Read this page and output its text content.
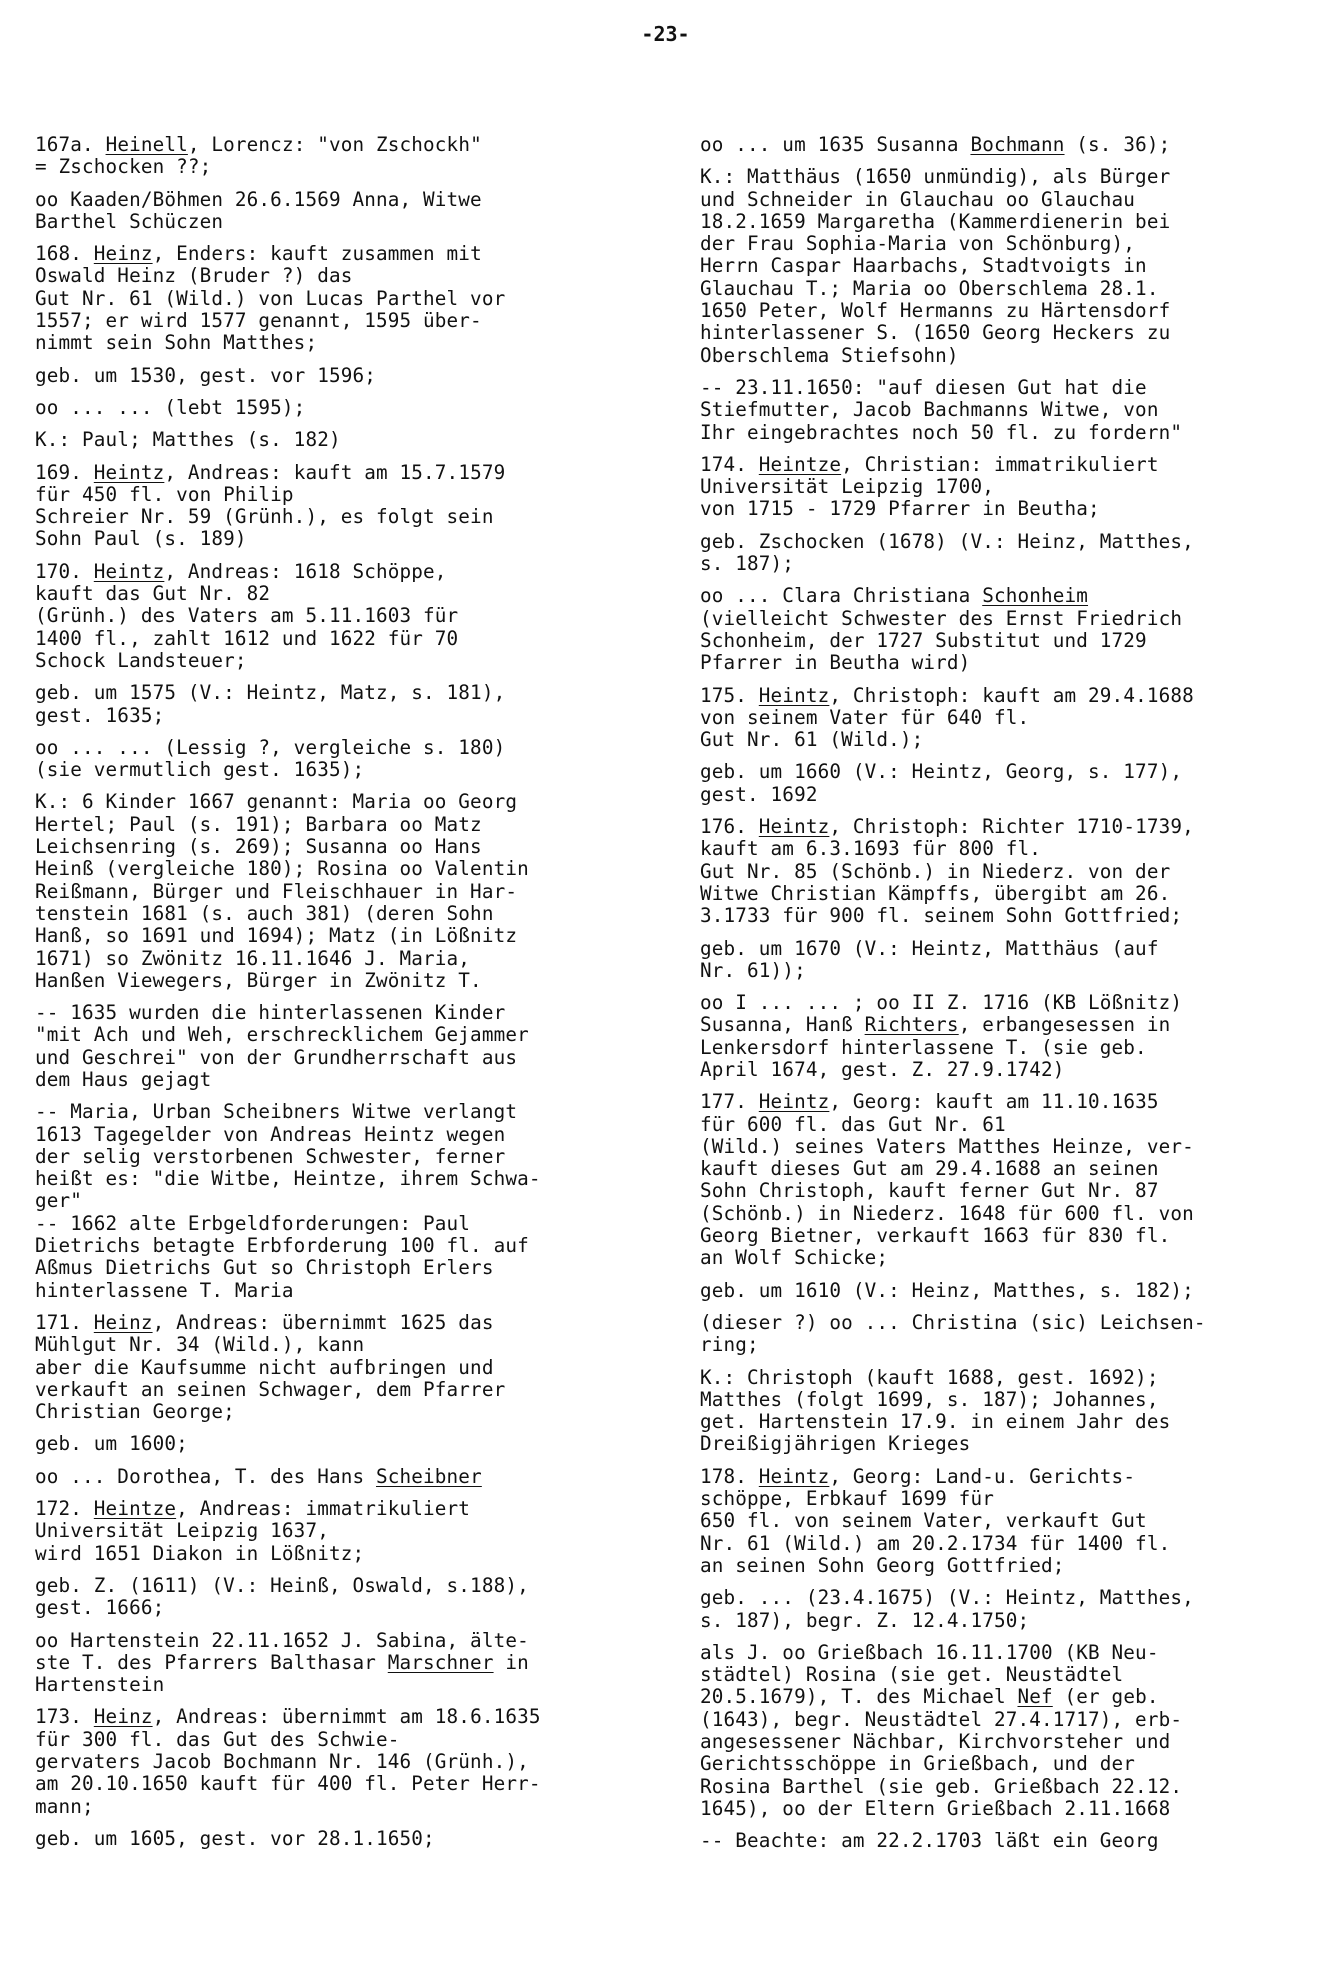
-23-
167a. Heinell, Lorencz: "von Zschockh"
= Zschocken ??;
oo Kaaden/Böhmen 26.6.1569 Anna, Witwe
Barthel Schüczen
168. Heinz, Enders: kauft zusammen mit
Oswald Heinz (Bruder ?) das
Gut Nr. 61 (Wild.) von Lucas Parthel vor
1557; er wird 1577 genannt, 1595 über-
nimmt sein Sohn Matthes;
geb. um 1530, gest. vor 1596;
oo ... ... (lebt 1595);
K.: Paul; Matthes (s. 182)
169. Heintz, Andreas: kauft am 15.7.1579
für 450 fl. von Philip
Schreier Nr. 59 (Grünh.), es folgt sein
Sohn Paul (s. 189)
170. Heintz, Andreas: 1618 Schöppe,
kauft das Gut Nr. 82
(Grünh.) des Vaters am 5.11.1603 für
1400 fl., zahlt 1612 und 1622 für 70
Schock Landsteuer;
geb. um 1575 (V.: Heintz, Matz, s. 181),
gest. 1635;
oo ... ... (Lessig ?, vergleiche s. 180)
(sie vermutlich gest. 1635);
K.: 6 Kinder 1667 genannt: Maria oo Georg
Hertel; Paul (s. 191); Barbara oo Matz
Leichsenring (s. 269); Susanna oo Hans
Heinß (vergleiche 180); Rosina oo Valentin
Reißmann, Bürger und Fleischhauer in Har-
tenstein 1681 (s. auch 381) (deren Sohn
Hanß, so 1691 und 1694); Matz (in Lößnitz
1671) so Zwönitz 16.11.1646 J. Maria,
Hanßen Viewegers, Bürger in Zwönitz T.
-- 1635 wurden die hinterlassenen Kinder
"mit Ach und Weh, erschrecklichem Gejammer
und Geschrei" von der Grundherrschaft aus
dem Haus gejagt
-- Maria, Urban Scheibners Witwe verlangt
1613 Tagegelder von Andreas Heintz wegen
der selig verstorbenen Schwester, ferner
heißt es: "die Witbe, Heintze, ihrem Schwa-
ger"
-- 1662 alte Erbgeldforderungen: Paul
Dietrichs betagte Erbforderung 100 fl. auf
Aßmus Dietrichs Gut so Christoph Erlers
hinterlassene T. Maria
171. Heinz, Andreas: übernimmt 1625 das
Mühlgut Nr. 34 (Wild.), kann
aber die Kaufsumme nicht aufbringen und
verkauft an seinen Schwager, dem Pfarrer
Christian George;
geb. um 1600;
oo ... Dorothea, T. des Hans Scheibner
172. Heintze, Andreas: immatrikuliert
Universität Leipzig 1637,
wird 1651 Diakon in Lößnitz;
geb. Z. (1611) (V.: Heinß, Oswald, s.188),
gest. 1666;
oo Hartenstein 22.11.1652 J. Sabina, älte-
ste T. des Pfarrers Balthasar Marschner in
Hartenstein
173. Heinz, Andreas: übernimmt am 18.6.1635
für 300 fl. das Gut des Schwie-
gervaters Jacob Bochmann Nr. 146 (Grünh.),
am 20.10.1650 kauft für 400 fl. Peter Herr-
mann;
geb. um 1605, gest. vor 28.1.1650;
oo ... um 1635 Susanna Bochmann (s. 36);
K.: Matthäus (1650 unmündig), als Bürger
und Schneider in Glauchau oo Glauchau
18.2.1659 Margaretha (Kammerdienerin bei
der Frau Sophia-Maria von Schönburg),
Herrn Caspar Haarbachs, Stadtvoigts in
Glauchau T.; Maria oo Oberschlema 28.1.
1650 Peter, Wolf Hermanns zu Härtensdorf
hinterlassener S. (1650 Georg Heckers zu
Oberschlema Stiefsohn)
-- 23.11.1650: "auf diesen Gut hat die
Stiefmutter, Jacob Bachmanns Witwe, von
Ihr eingebrachtes noch 50 fl. zu fordern"
174. Heintze, Christian: immatrikuliert
Universität Leipzig 1700,
von 1715 - 1729 Pfarrer in Beutha;
geb. Zschocken (1678) (V.: Heinz, Matthes,
s. 187);
oo ... Clara Christiana Schonheim
(vielleicht Schwester des Ernst Friedrich
Schonheim, der 1727 Substitut und 1729
Pfarrer in Beutha wird)
175. Heintz, Christoph: kauft am 29.4.1688
von seinem Vater für 640 fl.
Gut Nr. 61 (Wild.);
geb. um 1660 (V.: Heintz, Georg, s. 177),
gest. 1692
176. Heintz, Christoph: Richter 1710-1739,
kauft am 6.3.1693 für 800 fl.
Gut Nr. 85 (Schönb.) in Niederz. von der
Witwe Christian Kämpffs, übergibt am 26.
3.1733 für 900 fl. seinem Sohn Gottfried;
geb. um 1670 (V.: Heintz, Matthäus (auf
Nr. 61));
oo I ... ... ; oo II Z. 1716 (KB Lößnitz)
Susanna, Hanß Richters, erbangesessen in
Lenkersdorf hinterlassene T. (sie geb.
April 1674, gest. Z. 27.9.1742)
177. Heintz, Georg: kauft am 11.10.1635
für 600 fl. das Gut Nr. 61
(Wild.) seines Vaters Matthes Heinze, ver-
kauft dieses Gut am 29.4.1688 an seinen
Sohn Christoph, kauft ferner Gut Nr. 87
(Schönb.) in Niederz. 1648 für 600 fl. von
Georg Bietner, verkauft 1663 für 830 fl.
an Wolf Schicke;
geb. um 1610 (V.: Heinz, Matthes, s. 182);
(dieser ?) oo ... Christina (sic) Leichsen-
ring;
K.: Christoph (kauft 1688, gest. 1692);
Matthes (folgt 1699, s. 187); Johannes,
get. Hartenstein 17.9. in einem Jahr des
Dreißigjährigen Krieges
178. Heintz, Georg: Land-u. Gerichts-
schöppe, Erbkauf 1699 für
650 fl. von seinem Vater, verkauft Gut
Nr. 61 (Wild.) am 20.2.1734 für 1400 fl.
an seinen Sohn Georg Gottfried;
geb. ... (23.4.1675) (V.: Heintz, Matthes,
s. 187), begr. Z. 12.4.1750;
als J. oo Grießbach 16.11.1700 (KB Neu-
städtel) Rosina (sie get. Neustädtel
20.5.1679), T. des Michael Nef (er geb.
(1643), begr. Neustädtel 27.4.1717), erb-
angesessener Nächbar, Kirchvorsteher und
Gerichtsschöppe in Grießbach, und der
Rosina Barthel (sie geb. Grießbach 22.12.
1645), oo der Eltern Grießbach 2.11.1668
-- Beachte: am 22.2.1703 läßt ein Georg
